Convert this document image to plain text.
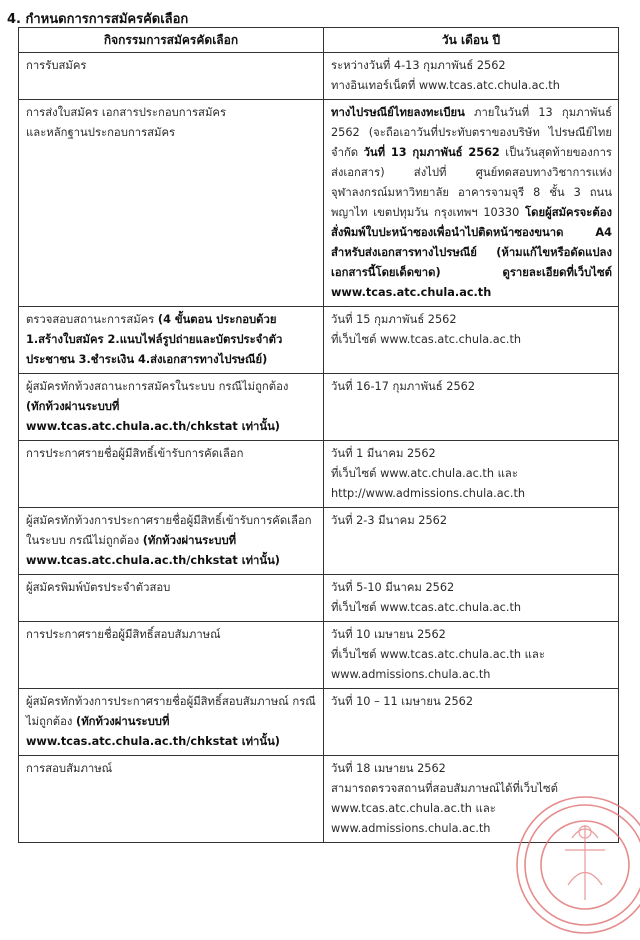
4. กำหนดการการสมัครคัดเลือก
กิจกรรมการสมัครคัดเลือก	วัน เดือน ปี

การรับสมัคร	ระหว่างวันที่ 4-13 กุมภาพันธ์ 2562
ทางอินเทอร์เน็ตที่ www.tcas.atc.chula.ac.th

การส่งใบสมัคร เอกสารประกอบการสมัคร
และหลักฐานประกอบการสมัคร	ทางไปรษณีย์ไทยลงทะเบียน ภายในวันที่ 13 กุมภาพันธ์ 2562 (จะถือเอาวันที่ประทับตราของบริษัท ไปรษณีย์ไทย จำกัด วันที่ 13 กุมภาพันธ์ 2562 เป็นวันสุดท้ายของการส่งเอกสาร) ส่งไปที่ ศูนย์ทดสอบทางวิชาการแห่งจุฬาลงกรณ์มหาวิทยาลัย อาคารจามจุรี 8 ชั้น 3 ถนนพญาไท เขตปทุมวัน กรุงเทพฯ 10330 โดยผู้สมัครจะต้องสั่งพิมพ์ใบปะหน้าซองเพื่อนำไปติดหน้าซองขนาด A4 สำหรับส่งเอกสารทางไปรษณีย์ (ห้ามแก้ไขหรือดัดแปลงเอกสารนี้โดยเด็ดขาด) ดูรายละเอียดที่เว็บไซต์ www.tcas.atc.chula.ac.th
ตรวจสอบสถานะการสมัคร (4 ขั้นตอน ประกอบด้วย 1.สร้างใบสมัคร 2.แนบไฟล์รูปถ่ายและบัตรประจำตัวประชาชน 3.ชำระเงิน 4.ส่งเอกสารทางไปรษณีย์)	วันที่ 15 กุมภาพันธ์ 2562
ที่เว็บไซต์ www.tcas.atc.chula.ac.th

ผู้สมัครทักท้วงสถานะการสมัครในระบบ กรณีไม่ถูกต้อง (ทักท้วงผ่านระบบที่ www.tcas.atc.chula.ac.th/chkstat เท่านั้น)	วันที่ 16-17 กุมภาพันธ์ 2562

การประกาศรายชื่อผู้มีสิทธิ์เข้ารับการคัดเลือก	วันที่ 1 มีนาคม 2562
ที่เว็บไซต์ www.atc.chula.ac.th และ
http://www.admissions.chula.ac.th

ผู้สมัครทักท้วงการประกาศรายชื่อผู้มีสิทธิ์เข้ารับการคัดเลือก ในระบบ กรณีไม่ถูกต้อง (ทักท้วงผ่านระบบที่ www.tcas.atc.chula.ac.th/chkstat เท่านั้น)	วันที่ 2-3 มีนาคม 2562

ผู้สมัครพิมพ์บัตรประจำตัวสอบ	วันที่ 5-10 มีนาคม 2562
ที่เว็บไซต์ www.tcas.atc.chula.ac.th

การประกาศรายชื่อผู้มีสิทธิ์สอบสัมภาษณ์	วันที่ 10 เมษายน 2562
ที่เว็บไซต์ www.tcas.atc.chula.ac.th และ
www.admissions.chula.ac.th

ผู้สมัครทักท้วงการประกาศรายชื่อผู้มีสิทธิ์สอบสัมภาษณ์ กรณีไม่ถูกต้อง (ทักท้วงผ่านระบบที่ www.tcas.atc.chula.ac.th/chkstat เท่านั้น)	วันที่ 10 – 11 เมษายน 2562

การสอบสัมภาษณ์	วันที่ 18 เมษายน 2562
สามารถตรวจสถานที่สอบสัมภาษณ์ได้ที่เว็บไซต์
www.tcas.atc.chula.ac.th และ
www.admissions.chula.ac.th
